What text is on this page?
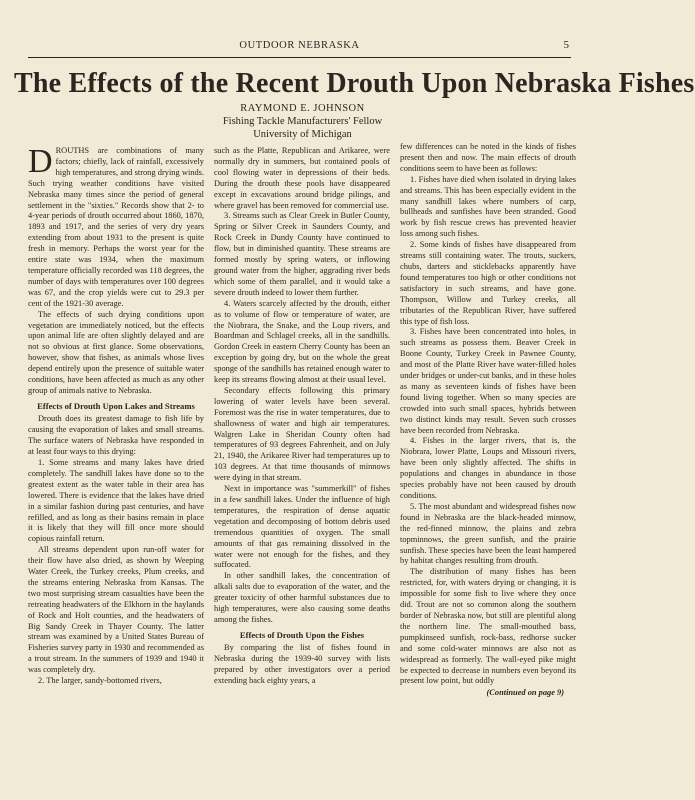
OUTDOOR NEBRASKA	5
The Effects of the Recent Drouth Upon Nebraska Fishes
RAYMOND E. JOHNSON
Fishing Tackle Manufacturers' Fellow
University of Michigan

DROUTHS are combinations of many factors; chiefly, lack of rainfall, excessively high temperatures, and strong drying winds. Such trying weather conditions have visited Nebraska many times since the period of general settlement in the "sixties." Records show that 2- to 4-year periods of drouth occurred about 1860, 1870, 1893 and 1917, and the series of very dry years extending from about 1931 to the present is quite fresh in memory. Perhaps the worst year for the entire state was 1934, when the maximum temperature officially recorded was 118 degrees, the number of days with temperatures over 100 degrees was 67, and the crop yields were cut to 29.3 per cent of the 1921-30 average.

The effects of such drying conditions upon vegetation are immediately noticed, but the effects upon animal life are often slightly delayed and are not so obvious at first glance. Some observations, however, show that fishes, as animals whose lives depend entirely upon the presence of suitable water conditions, have been affected as much as any other group of animals native to Nebraska.

Effects of Drouth Upon Lakes and Streams

Drouth does its greatest damage to fish life by causing the evaporation of lakes and small streams. The surface waters of Nebraska have responded in at least four ways to this drying:

1. Some streams and many lakes have dried completely. The sandhill lakes have done so to the greatest extent as the water table in their area has lowered. There is evidence that the lakes have dried in a similar fashion during past centuries, and have refilled, and as long as their basins remain in place it is likely that they will fill once more should copious rainfall return.

All streams dependent upon run-off water for their flow have also dried, as shown by Weeping Water Creek, the Turkey creeks, Plum creeks, and the streams entering Nebraska from Kansas. The two most surprising stream casualties have been the retreating headwaters of the Elkhorn in the haylands of Rock and Holt counties, and the headwaters of Big Sandy Creek in Thayer County. The latter stream was examined by a United States Bureau of Fisheries survey party in 1930 and recommended as a trout stream. In the summers of 1939 and 1940 it was completely dry.

2. The larger, sandy-bottomed rivers,

such as the Platte, Republican and Arikaree, were normally dry in summers, but contained pools of cool flowing water in depressions of their beds. During the drouth these pools have disappeared except in excavations around bridge pilings, and where gravel has been removed for commercial use.

3. Streams such as Clear Creek in Butler County, Spring or Silver Creek in Saunders County, and Rock Creek in Dundy County have continued to flow, but in diminished quantity. These streams are formed mostly by spring waters, or inflowing ground water from the higher, aggrading river beds which some of them parallel, and it would take a severe drouth indeed to lower them further.

4. Waters scarcely affected by the drouth, either as to volume of flow or temperature of water, are the Niobrara, the Snake, and the Loup rivers, and Boardman and Schlagel creeks, all in the sandhills. Gordon Creek in eastern Cherry County has been an exception by going dry, but on the whole the great sponge of the sandhills has retained enough water to keep its streams flowing almost at their usual level.

Secondary effects following this primary lowering of water levels have been several. Foremost was the rise in water temperatures, due to shallowness of water and high air temperatures. Walgren Lake in Sheridan County often had temperatures of 93 degrees Fahrenheit, and on July 21, 1940, the Arikaree River had temperatures up to 103 degrees. At that time thousands of minnows were dying in that stream.

Next in importance was "summerkill" of fishes in a few sandhill lakes. Under the influence of high temperatures, the respiration of dense aquatic vegetation and decomposing of bottom debris used tremendous quantities of oxygen. The small amounts of that gas remaining dissolved in the water were not enough for the fishes, and they suffocated.

In other sandhill lakes, the concentration of alkali salts due to evaporation of the water, and the greater toxicity of other harmful substances due to high temperatures, were also causing some deaths among the fishes.

Effects of Drouth Upon the Fishes

By comparing the list of fishes found in Nebraska during the 1939-40 survey with lists prepared by other investigators over a period extending back eighty years, a

few differences can be noted in the kinds of fishes present then and now. The main effects of drouth conditions seem to have been as follows:

1. Fishes have died when isolated in drying lakes and streams. This has been especially evident in the many sandhill lakes where numbers of carp, bullheads and sunfishes have been stranded. Good work by fish rescue crews has prevented heavier loss among such fishes.

2. Some kinds of fishes have disappeared from streams still containing water. The trouts, suckers, chubs, darters and sticklebacks apparently have found temperatures too high or other conditions not satisfactory in such streams, and have gone. Thompson, Willow and Turkey creeks, all tributaries of the Republican River, have suffered this type of fish loss.

3. Fishes have been concentrated into holes, in such streams as possess them. Beaver Creek in Boone County, Turkey Creek in Pawnee County, and most of the Platte River have water-filled holes under bridges or under-cut banks, and in these holes as many as seventeen kinds of fishes have been found living together. When so many species are crowded into such small spaces, hybrids between two distinct kinds may result. Seven such crosses have been recorded from Nebraska.

4. Fishes in the larger rivers, that is, the Niobrara, lower Platte, Loups and Missouri rivers, have been only slightly affected. The shifts in populations and changes in abundance in those species probably have not been caused by drouth conditions.

5. The most abundant and widespread fishes now found in Nebraska are the black-headed minnow, the red-finned minnow, the plains and zebra topminnows, the green sunfish, and the prairie sunfish. These species have been the least hampered by habitat changes resulting from drouth.

The distribution of many fishes has been restricted, for, with waters drying or changing, it is impossible for some fish to live where they once did. Trout are not so common along the southern border of Nebraska now, but still are plentiful along the northern line. The small-mouthed bass, pumpkinseed sunfish, rock-bass, redhorse sucker and some cold-water minnows are also not as widespread as formerly. The wall-eyed pike might be expected to decrease in numbers even beyond its present low point, but oddly

(Continued on page 9)
